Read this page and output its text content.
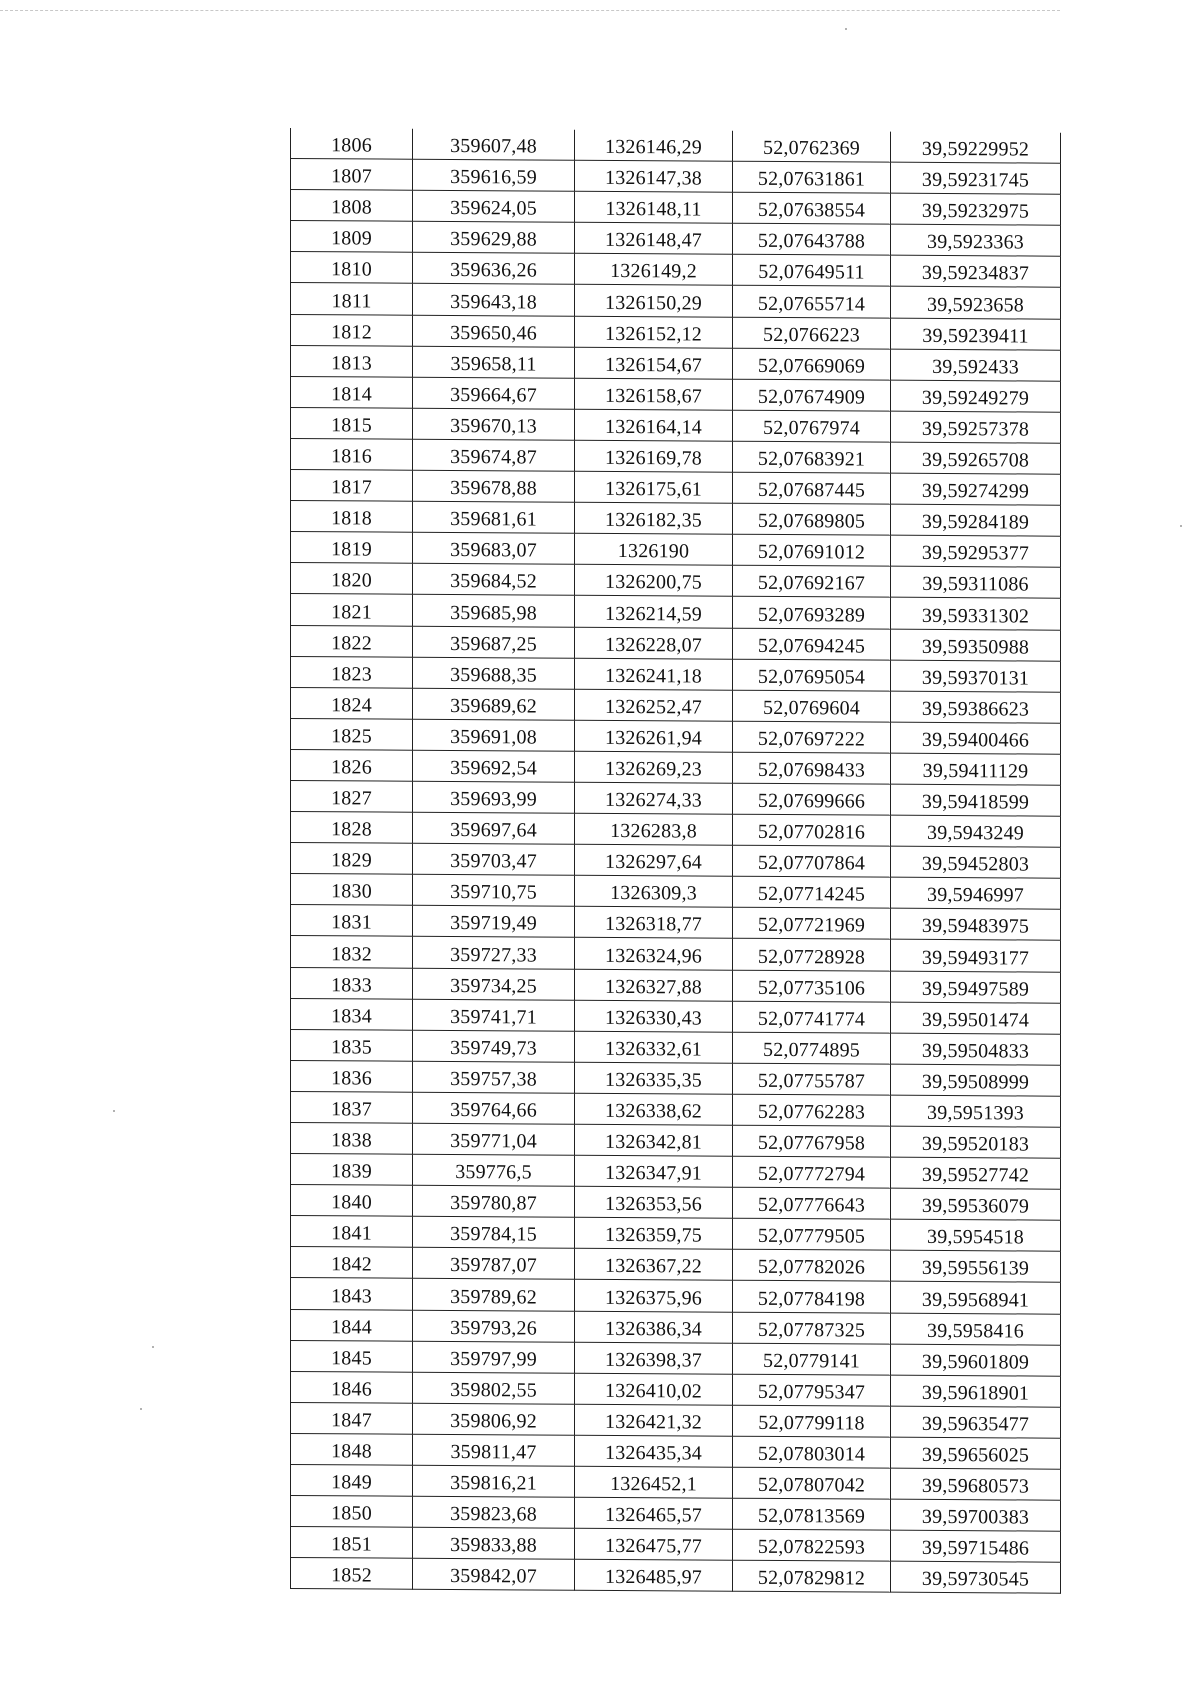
1806	359607,48	1326146,29	52,0762369	39,59229952
1807	359616,59	1326147,38	52,07631861	39,59231745
1808	359624,05	1326148,11	52,07638554	39,59232975
1809	359629,88	1326148,47	52,07643788	39,5923363
1810	359636,26	1326149,2	52,07649511	39,59234837
1811	359643,18	1326150,29	52,07655714	39,5923658
1812	359650,46	1326152,12	52,0766223	39,59239411
1813	359658,11	1326154,67	52,07669069	39,592433
1814	359664,67	1326158,67	52,07674909	39,59249279
1815	359670,13	1326164,14	52,0767974	39,59257378
1816	359674,87	1326169,78	52,07683921	39,59265708
1817	359678,88	1326175,61	52,07687445	39,59274299
1818	359681,61	1326182,35	52,07689805	39,59284189
1819	359683,07	1326190	52,07691012	39,59295377
1820	359684,52	1326200,75	52,07692167	39,59311086
1821	359685,98	1326214,59	52,07693289	39,59331302
1822	359687,25	1326228,07	52,07694245	39,59350988
1823	359688,35	1326241,18	52,07695054	39,59370131
1824	359689,62	1326252,47	52,0769604	39,59386623
1825	359691,08	1326261,94	52,07697222	39,59400466
1826	359692,54	1326269,23	52,07698433	39,59411129
1827	359693,99	1326274,33	52,07699666	39,59418599
1828	359697,64	1326283,8	52,07702816	39,5943249
1829	359703,47	1326297,64	52,07707864	39,59452803
1830	359710,75	1326309,3	52,07714245	39,5946997
1831	359719,49	1326318,77	52,07721969	39,59483975
1832	359727,33	1326324,96	52,07728928	39,59493177
1833	359734,25	1326327,88	52,07735106	39,59497589
1834	359741,71	1326330,43	52,07741774	39,59501474
1835	359749,73	1326332,61	52,0774895	39,59504833
1836	359757,38	1326335,35	52,07755787	39,59508999
1837	359764,66	1326338,62	52,07762283	39,5951393
1838	359771,04	1326342,81	52,07767958	39,59520183
1839	359776,5	1326347,91	52,07772794	39,59527742
1840	359780,87	1326353,56	52,07776643	39,59536079
1841	359784,15	1326359,75	52,07779505	39,5954518
1842	359787,07	1326367,22	52,07782026	39,59556139
1843	359789,62	1326375,96	52,07784198	39,59568941
1844	359793,26	1326386,34	52,07787325	39,5958416
1845	359797,99	1326398,37	52,0779141	39,59601809
1846	359802,55	1326410,02	52,07795347	39,59618901
1847	359806,92	1326421,32	52,07799118	39,59635477
1848	359811,47	1326435,34	52,07803014	39,59656025
1849	359816,21	1326452,1	52,07807042	39,59680573
1850	359823,68	1326465,57	52,07813569	39,59700383
1851	359833,88	1326475,77	52,07822593	39,59715486
1852	359842,07	1326485,97	52,07829812	39,59730545
